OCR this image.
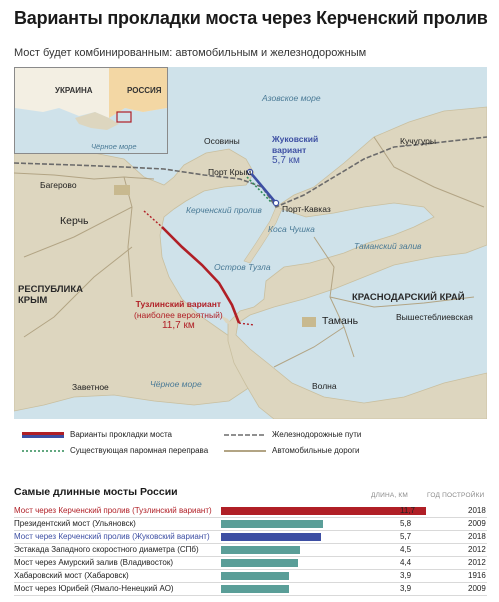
Варианты прокладки моста через Керченский пролив
Мост будет комбинированным: автомобильным и железнодорожным
УКРАИНА	РОССИЯ
Чёрное море
Азовское море
Осовины	Кучугуры
Жуковский
вариант
5,7 км
Порт Крым
Порт-Кавказ
Керченский пролив
Коса Чушка
Багерово
Керчь
Таманский залив
Остров Тузла
РЕСПУБЛИКА
КРЫМ	Тузлинский вариант
(наиболее вероятный)
11,7 км
КРАСНОДАРСКИЙ КРАЙ
Тамань	Вышестеблиевская
Заветное	Чёрное море	Волна
Варианты прокладки моста
Существующая паромная переправа
Железнодорожные пути
Автомобильные дороги
Самые длинные мосты России	ДЛИНА, КМ	ГОД ПОСТРОЙКИ
Мост через Керченский пролив (Тузлинский вариант)	11,7	2018
Президентский мост (Ульяновск)	5,8	2009
Мост через Керченский пролив (Жуковский вариант)	5,7	2018
Эстакада Западного скоростного диаметра (СПб)	4,5	2012
Мост через Амурский залив (Владивосток)	4,4	2012
Хабаровский мост (Хабаровск)	3,9	1916
Мост через Юрибей (Ямало-Ненецкий АО)	3,9	2009
